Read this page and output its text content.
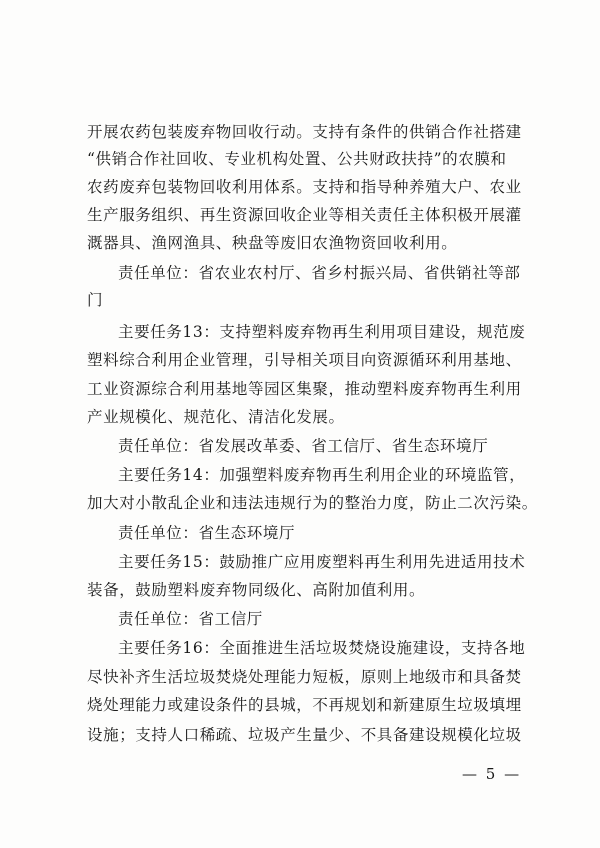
开展农药包装废弃物回收行动。支持有条件的供销合作社搭建
“供销合作社回收、专业机构处置、公共财政扶持”的农膜和
农药废弃包装物回收利用体系。支持和指导种养殖大户、农业
生产服务组织、再生资源回收企业等相关责任主体积极开展灌
溉器具、渔网渔具、秧盘等废旧农渔物资回收利用。
责任单位：省农业农村厅、省乡村振兴局、省供销社等部
门
主要任务13：支持塑料废弃物再生利用项目建设，规范废
塑料综合利用企业管理，引导相关项目向资源循环利用基地、
工业资源综合利用基地等园区集聚，推动塑料废弃物再生利用
产业规模化、规范化、清洁化发展。
责任单位：省发展改革委、省工信厅、省生态环境厅
主要任务14：加强塑料废弃物再生利用企业的环境监管，
加大对小散乱企业和违法违规行为的整治力度，防止二次污染。
责任单位：省生态环境厅
主要任务15：鼓励推广应用废塑料再生利用先进适用技术
装备，鼓励塑料废弃物同级化、高附加值利用。
责任单位：省工信厅
主要任务16：全面推进生活垃圾焚烧设施建设，支持各地
尽快补齐生活垃圾焚烧处理能力短板，原则上地级市和具备焚
烧处理能力或建设条件的县城，不再规划和新建原生垃圾填埋
设施；支持人口稀疏、垃圾产生量少、不具备建设规模化垃圾
— 5 —
